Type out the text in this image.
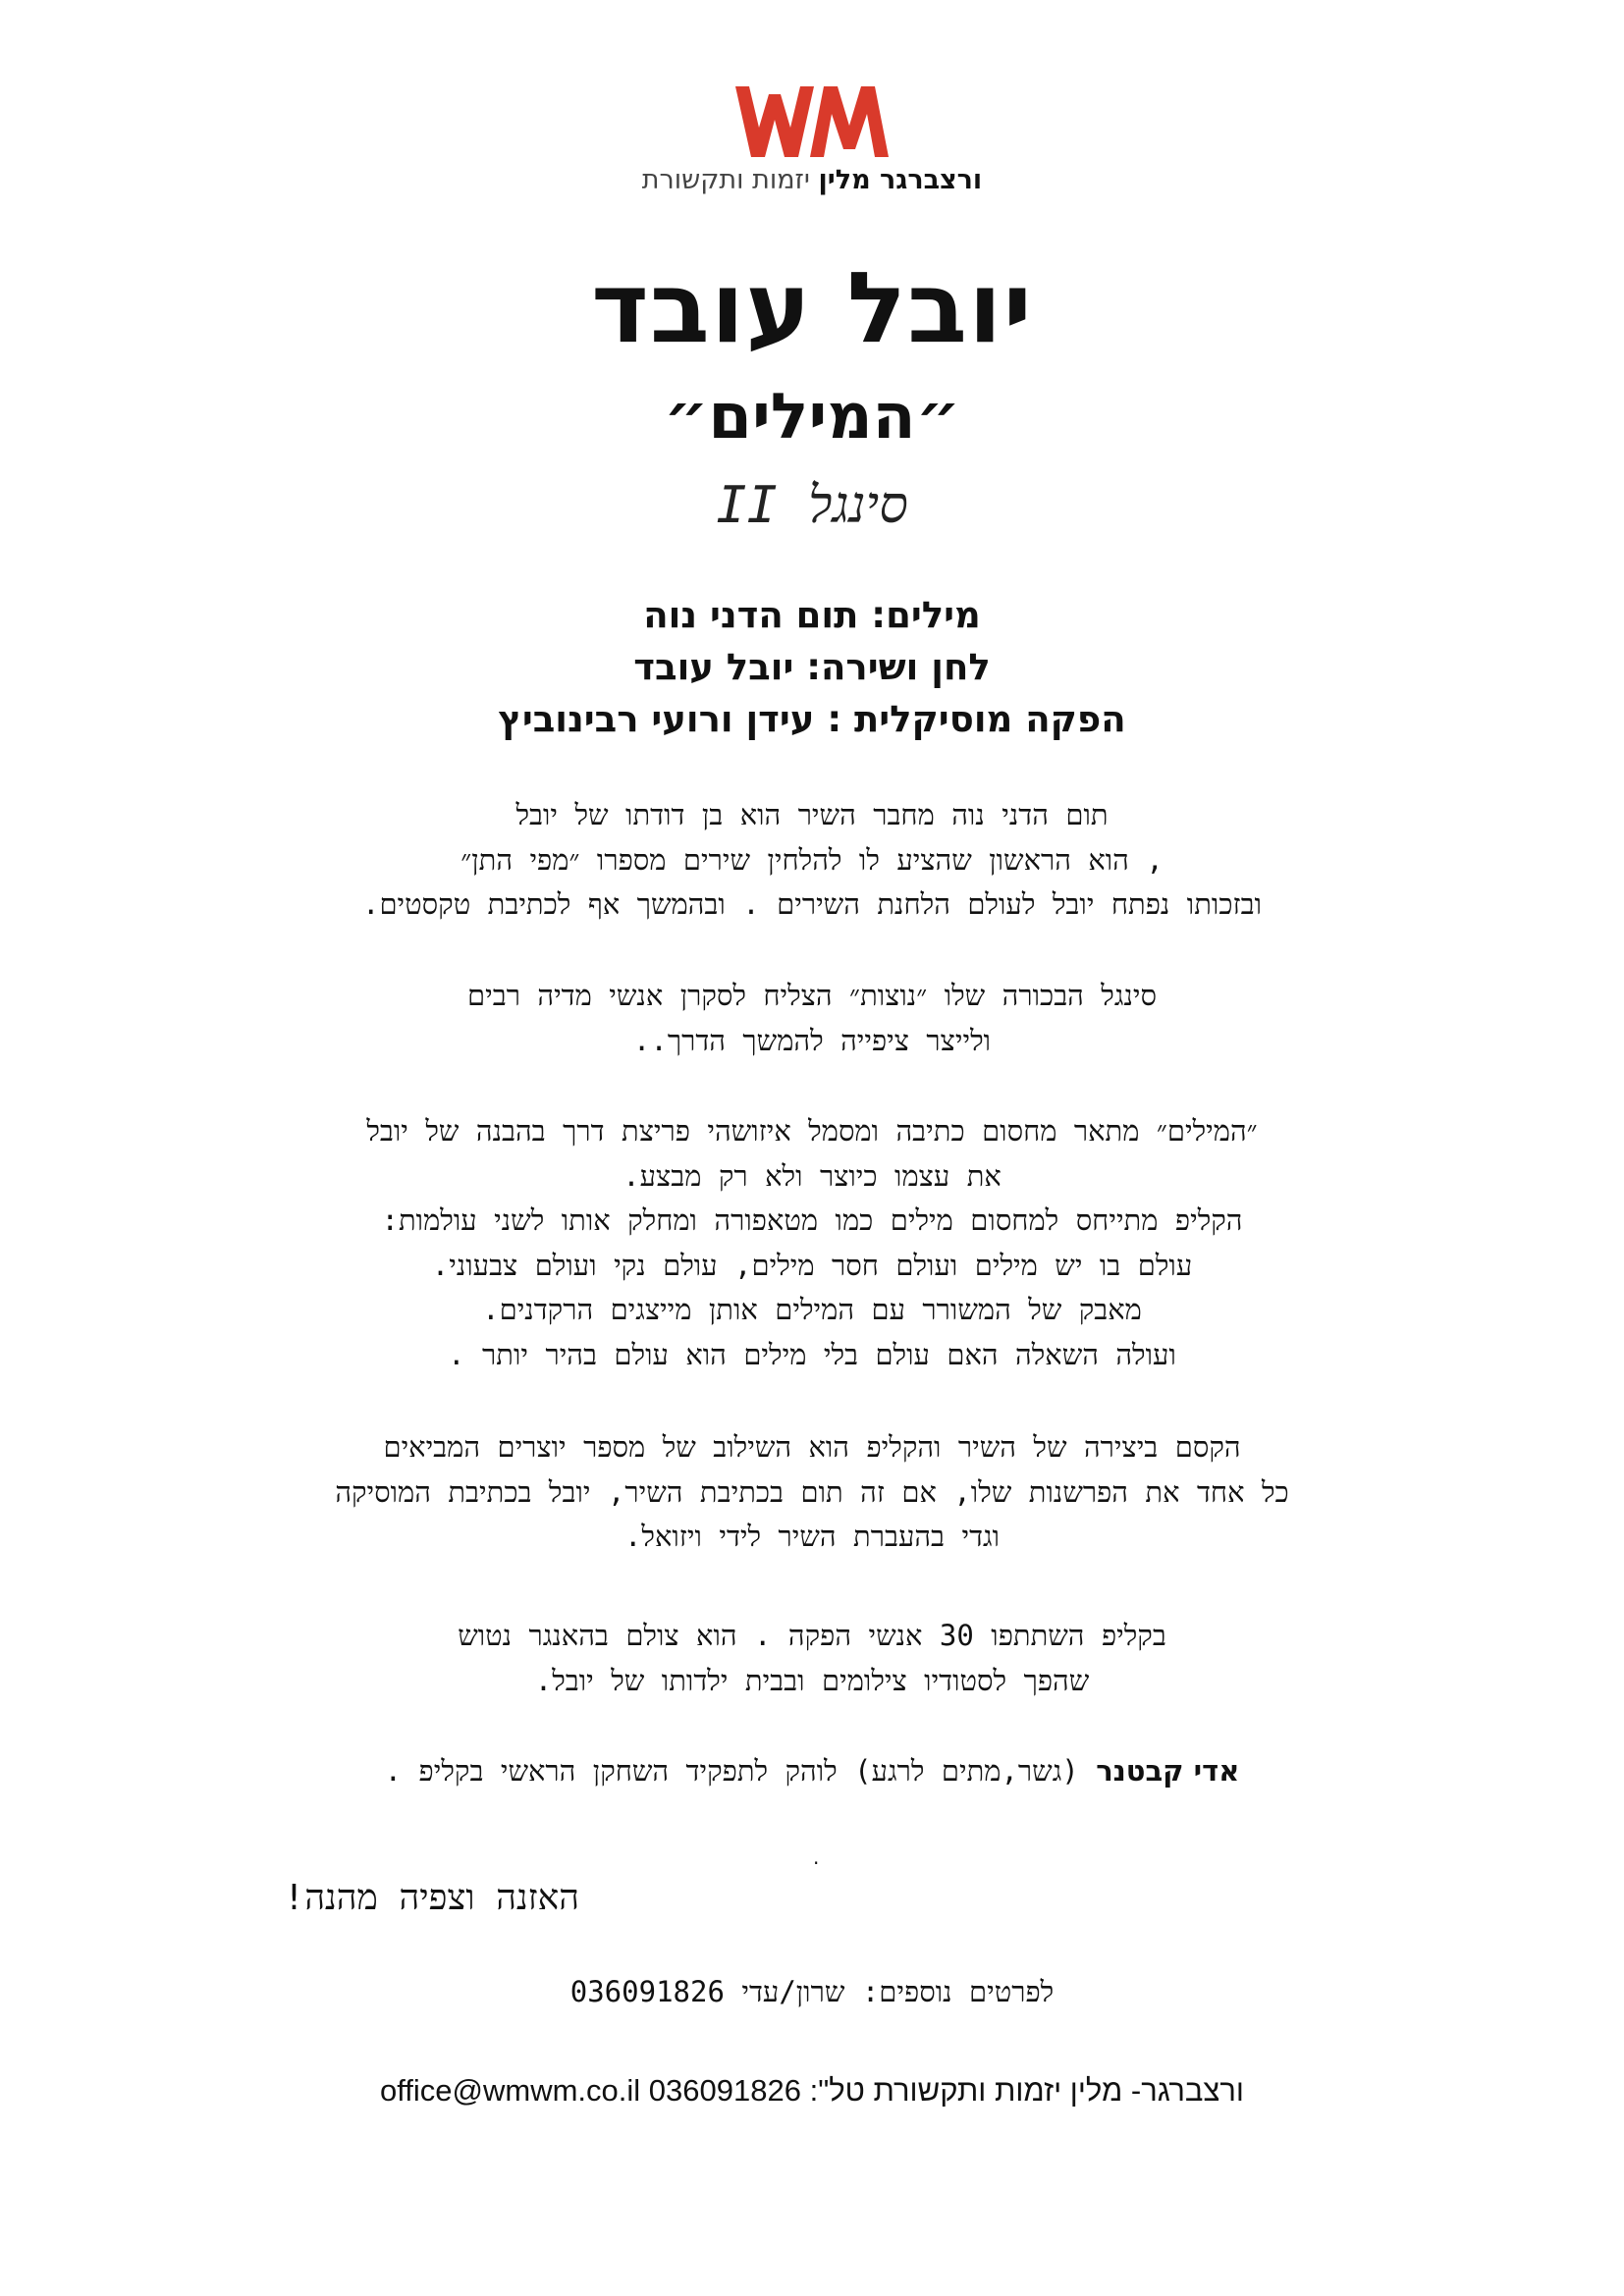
ורצברגר מלין יזמות ותקשורת
יובל עובד
״המילים״
סינגל II
מילים: תום הדני נוה
לחן ושירה: יובל עובד
הפקה מוסיקלית : עידן ורועי רבינוביץ

תום הדני נוה מחבר השיר הוא בן דודתו של יובל

, הוא הראשון שהציע לו להלחין שירים מספרו ״מפי התן״

ובזכותו נפתח יובל לעולם הלחנת השירים . ובהמשך אף לכתיבת טקסטים.

סינגל הבכורה שלו ״נוצות״ הצליח לסקרן אנשי מדיה רבים

ולייצר ציפייה להמשך הדרך..

״המילים״ מתאר מחסום כתיבה ומסמל איזושהי פריצת דרך בהבנה של יובל

את עצמו כיוצר ולא רק מבצע.

הקליפ מתייחס למחסום מילים כמו מטאפורה ומחלק אותו לשני עולמות:

עולם בו יש מילים ועולם חסר מילים, עולם נקי ועולם צבעוני.

מאבק של המשורר עם המילים אותן מייצגים הרקדנים.

ועולה השאלה האם עולם בלי מילים הוא עולם בהיר יותר .

הקסם ביצירה של השיר והקליפ הוא השילוב של מספר יוצרים המביאים

כל אחד את הפרשנות שלו, אם זה תום בכתיבת השיר, יובל בכתיבת המוסיקה

וגדי בהעברת השיר לידי ויזואל.

בקליפ השתתפו 30 אנשי הפקה . הוא צולם בהאנגר נטוש

שהפך לסטודיו צילומים ובבית ילדותו של יובל.

אדי קבטנר (גשר,מתים לרגע) לוהק לתפקיד השחקן הראשי בקליפ .

.
האזנה וצפיה מהנה!
לפרטים נוספים: שרון/עדי 036091826
ורצברגר- מלין יזמות ותקשורת טל": 036091826 office@wmwm.co.il
